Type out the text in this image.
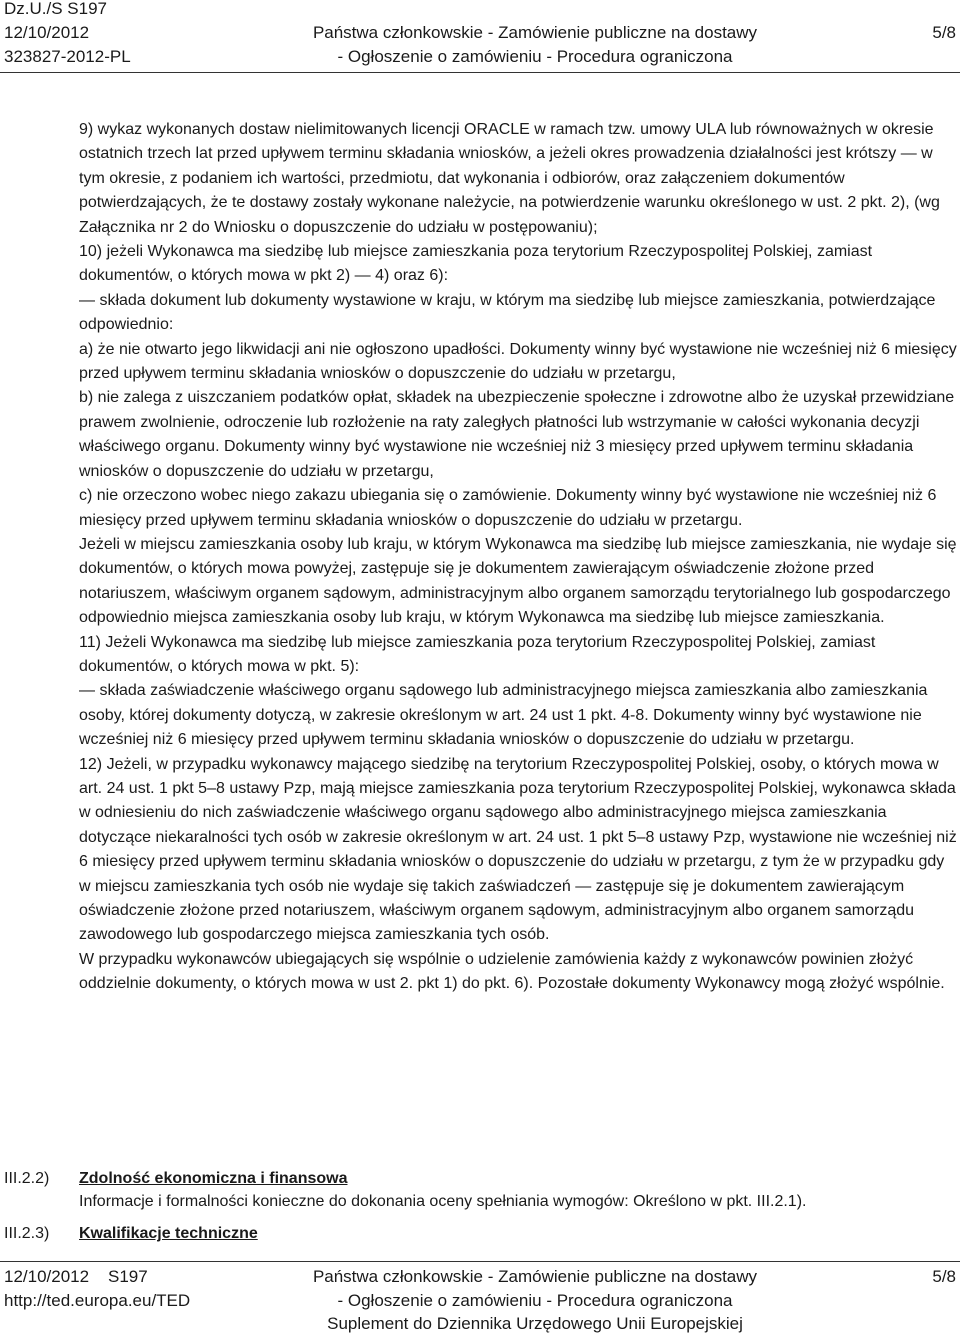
Dz.U./S S197
12/10/2012
323827-2012-PL
Państwa członkowskie - Zamówienie publiczne na dostawy
- Ogłoszenie o zamówieniu - Procedura ograniczona
5/8

9) wykaz wykonanych dostaw nielimitowanych licencji ORACLE w ramach tzw. umowy ULA lub równoważnych w okresie ostatnich trzech lat przed upływem terminu składania wniosków, a jeżeli okres prowadzenia działalności jest krótszy — w tym okresie, z podaniem ich wartości, przedmiotu, dat wykonania i odbiorów, oraz załączeniem dokumentów potwierdzających, że te dostawy zostały wykonane należycie, na potwierdzenie warunku określonego w ust. 2 pkt. 2), (wg Załącznika nr 2 do Wniosku o dopuszczenie do udziału w postępowaniu);

10) jeżeli Wykonawca ma siedzibę lub miejsce zamieszkania poza terytorium Rzeczypospolitej Polskiej, zamiast dokumentów, o których mowa w pkt 2) — 4) oraz 6):

— składa dokument lub dokumenty wystawione w kraju, w którym ma siedzibę lub miejsce zamieszkania, potwierdzające odpowiednio:

a) że nie otwarto jego likwidacji ani nie ogłoszono upadłości. Dokumenty winny być wystawione nie wcześniej niż 6 miesięcy przed upływem terminu składania wniosków o dopuszczenie do udziału w przetargu,

b) nie zalega z uiszczaniem podatków opłat, składek na ubezpieczenie społeczne i zdrowotne albo że uzyskał przewidziane prawem zwolnienie, odroczenie lub rozłożenie na raty zaległych płatności lub wstrzymanie w całości wykonania decyzji właściwego organu. Dokumenty winny być wystawione nie wcześniej niż 3 miesięcy przed upływem terminu składania wniosków o dopuszczenie do udziału w przetargu,

c) nie orzeczono wobec niego zakazu ubiegania się o zamówienie. Dokumenty winny być wystawione nie wcześniej niż 6 miesięcy przed upływem terminu składania wniosków o dopuszczenie do udziału w przetargu.

Jeżeli w miejscu zamieszkania osoby lub kraju, w którym Wykonawca ma siedzibę lub miejsce zamieszkania, nie wydaje się dokumentów, o których mowa powyżej, zastępuje się je dokumentem zawierającym oświadczenie złożone przed notariuszem, właściwym organem sądowym, administracyjnym albo organem samorządu terytorialnego lub gospodarczego odpowiednio miejsca zamieszkania osoby lub kraju, w którym Wykonawca ma siedzibę lub miejsce zamieszkania.

11) Jeżeli Wykonawca ma siedzibę lub miejsce zamieszkania poza terytorium Rzeczypospolitej Polskiej, zamiast dokumentów, o których mowa w pkt. 5):

— składa zaświadczenie właściwego organu sądowego lub administracyjnego miejsca zamieszkania albo zamieszkania osoby, której dokumenty dotyczą, w zakresie określonym w art. 24 ust 1 pkt. 4-8. Dokumenty winny być wystawione nie wcześniej niż 6 miesięcy przed upływem terminu składania wniosków o dopuszczenie do udziału w przetargu.

12) Jeżeli, w przypadku wykonawcy mającego siedzibę na terytorium Rzeczypospolitej Polskiej, osoby, o których mowa w art. 24 ust. 1 pkt 5–8 ustawy Pzp, mają miejsce zamieszkania poza terytorium Rzeczypospolitej Polskiej, wykonawca składa w odniesieniu do nich zaświadczenie właściwego organu sądowego albo administracyjnego miejsca zamieszkania dotyczące niekaralności tych osób w zakresie określonym w art. 24 ust. 1 pkt 5–8 ustawy Pzp, wystawione nie wcześniej niż 6 miesięcy przed upływem terminu składania wniosków o dopuszczenie do udziału w przetargu, z tym że w przypadku gdy w miejscu zamieszkania tych osób nie wydaje się takich zaświadczeń — zastępuje się je dokumentem zawierającym oświadczenie złożone przed notariuszem, właściwym organem sądowym, administracyjnym albo organem samorządu zawodowego lub gospodarczego miejsca zamieszkania tych osób.

W przypadku wykonawców ubiegających się wspólnie o udzielenie zamówienia każdy z wykonawców powinien złożyć oddzielnie dokumenty, o których mowa w ust 2. pkt 1) do pkt. 6). Pozostałe dokumenty Wykonawcy mogą złożyć wspólnie.

III.2.2) Zdolność ekonomiczna i finansowa
Informacje i formalności konieczne do dokonania oceny spełniania wymogów: Określono w pkt. III.2.1).
III.2.3) Kwalifikacje techniczne
12/10/2012    S197
http://ted.europa.eu/TED
Państwa członkowskie - Zamówienie publiczne na dostawy
- Ogłoszenie o zamówieniu - Procedura ograniczona
Suplement do Dziennika Urzędowego Unii Europejskiej
5/8
